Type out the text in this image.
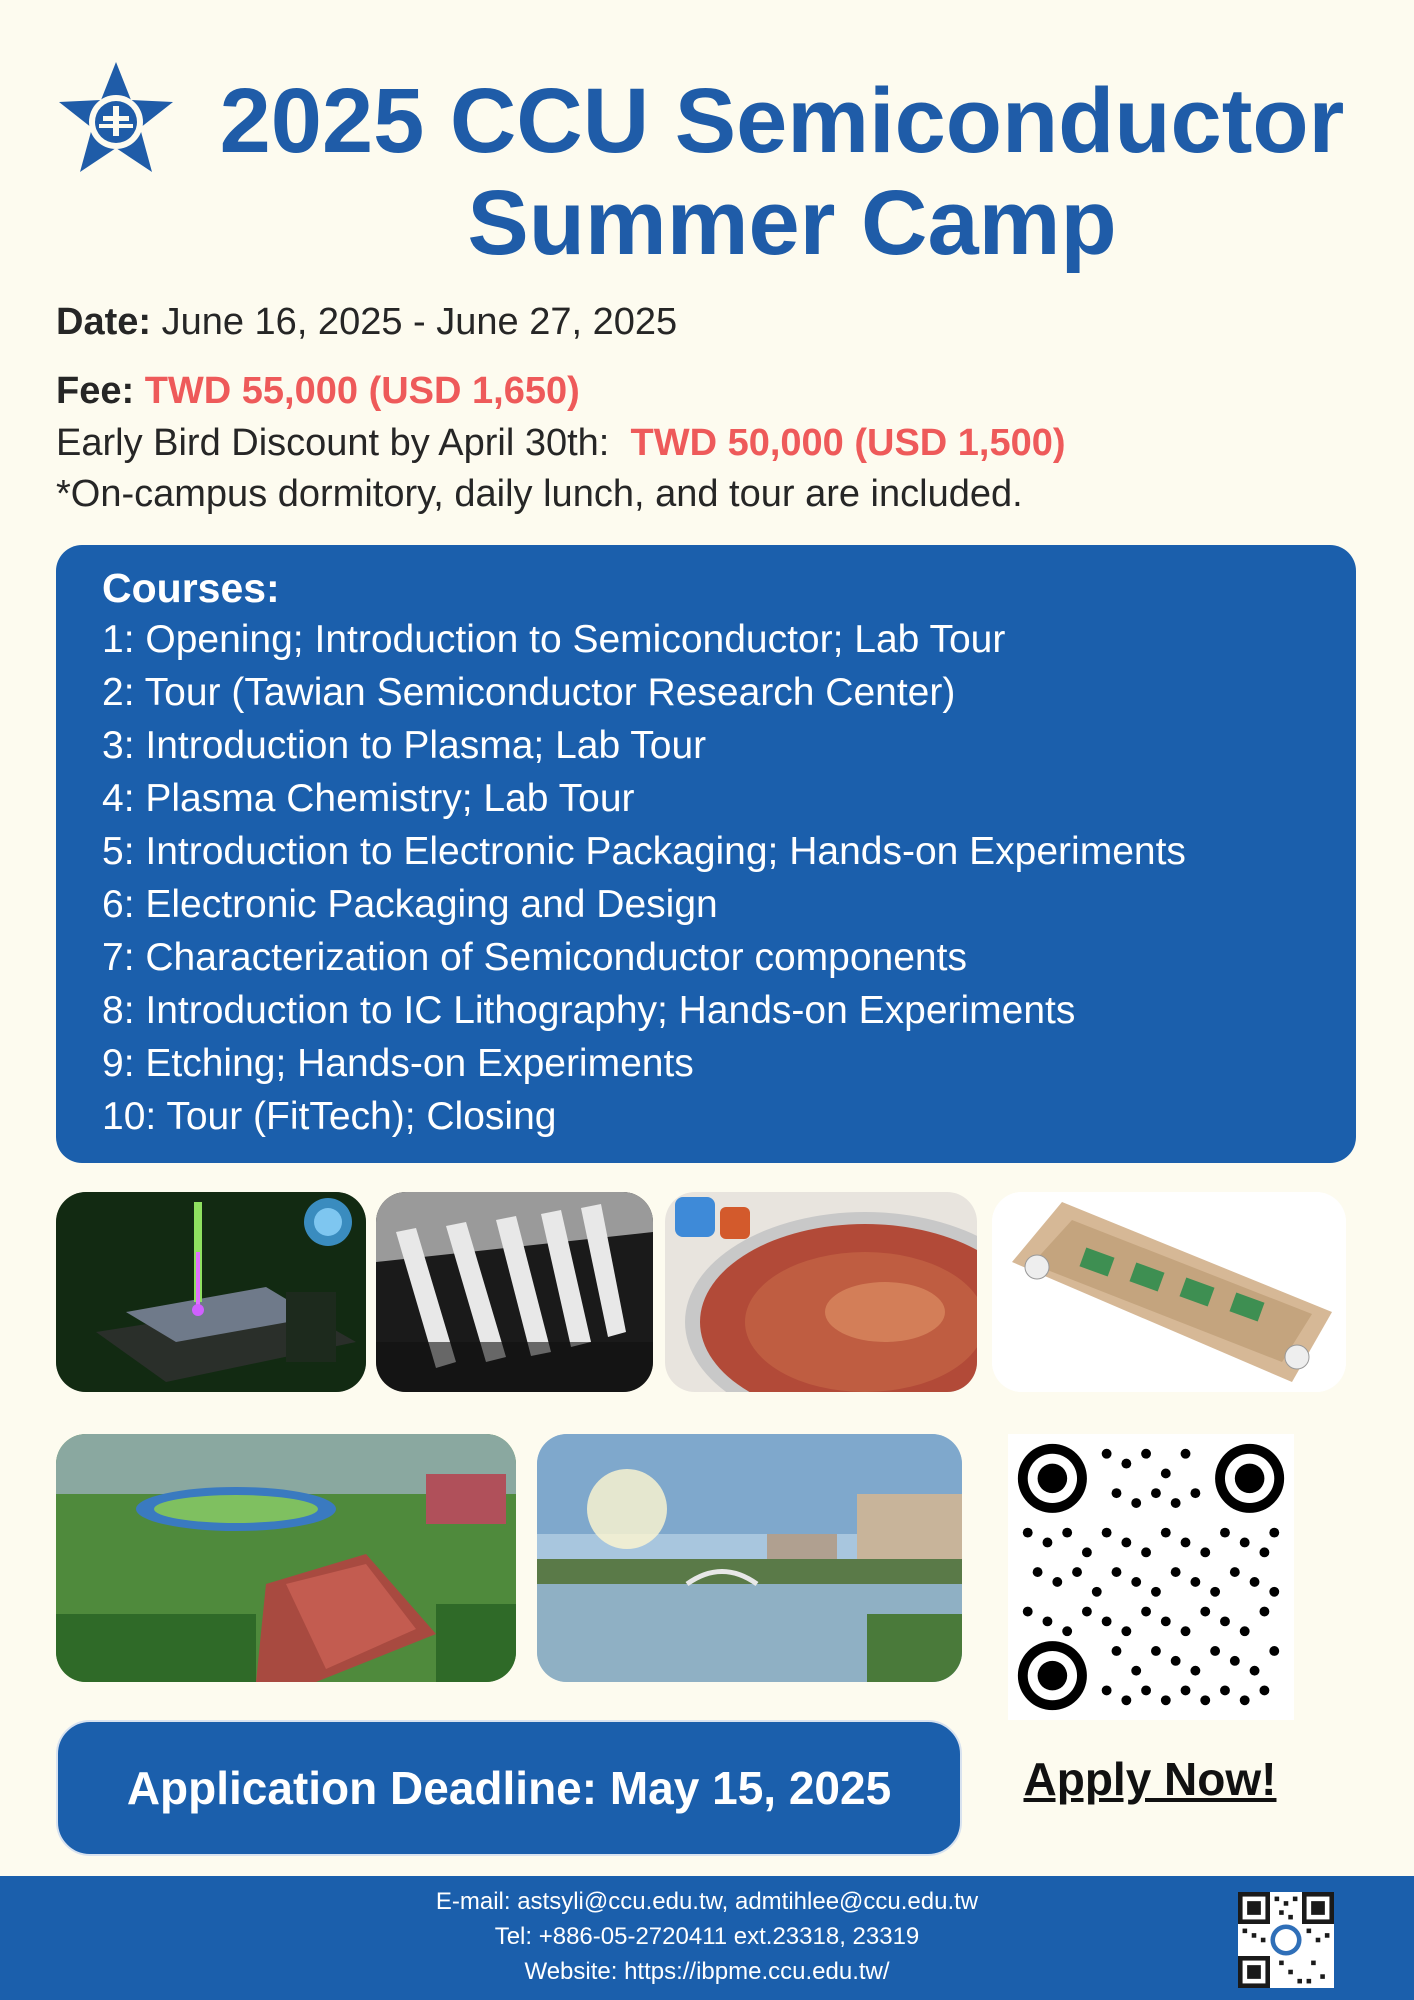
2025 CCU Semiconductor
Summer Camp
Date: June 16, 2025 - June 27, 2025
Fee: TWD 55,000 (USD 1,650)
Early Bird Discount by April 30th: TWD 50,000 (USD 1,500)
*On-campus dormitory, daily lunch, and tour are included.
Courses:
1: Opening; Introduction to Semiconductor; Lab Tour
2: Tour (Tawian Semiconductor Research Center)
3: Introduction to Plasma; Lab Tour
4: Plasma Chemistry; Lab Tour
5: Introduction to Electronic Packaging; Hands-on Experiments
6: Electronic Packaging and Design
7: Characterization of Semiconductor components
8: Introduction to IC Lithography; Hands-on Experiments
9: Etching; Hands-on Experiments
10: Tour (FitTech); Closing
Application Deadline: May 15, 2025	Apply Now!
E-mail: astsyli@ccu.edu.tw, admtihlee@ccu.edu.tw
Tel: +886-05-2720411 ext.23318, 23319
Website: https://ibpme.ccu.edu.tw/
